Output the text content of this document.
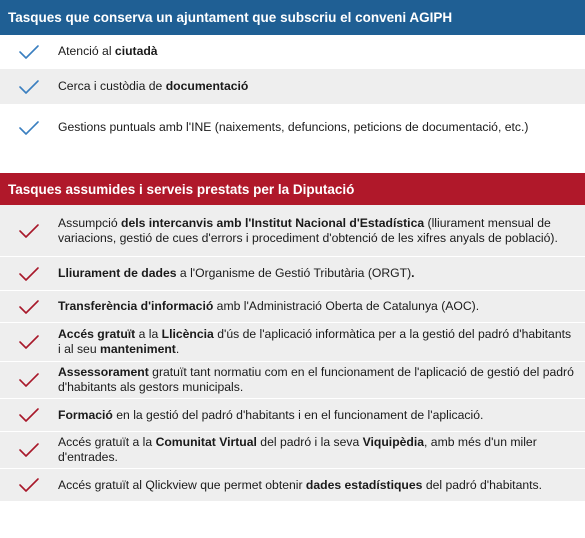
Tasques que conserva un ajuntament que subscriu el conveni AGIPH
Atenció al ciutadà
Cerca i custòdia de documentació
Gestions puntuals amb l'INE (naixements, defuncions, peticions de documentació, etc.)
Tasques assumides i serveis prestats per la Diputació
Assumpció dels intercanvis amb l'Institut Nacional d'Estadística (lliurament mensual de variacions, gestió de cues d'errors i procediment d'obtenció de les xifres anyals de població).
Lliurament de dades a l'Organisme de Gestió Tributària (ORGT).
Transferència d'informació amb l'Administració Oberta de Catalunya (AOC).
Accés gratuït a la Llicència d'ús de l'aplicació informàtica per a la gestió del padró d'habitants i al seu manteniment.
Assessorament gratuït tant normatiu com en el funcionament de l'aplicació de gestió del padró d'habitants als gestors municipals.
Formació en la gestió del padró d'habitants i en el funcionament de l'aplicació.
Accés gratuït a la Comunitat Virtual del padró i la seva Viquipèdia, amb més d'un miler d'entrades.
Accés gratuït al Qlickview que permet obtenir dades estadístiques del padró d'habitants.
